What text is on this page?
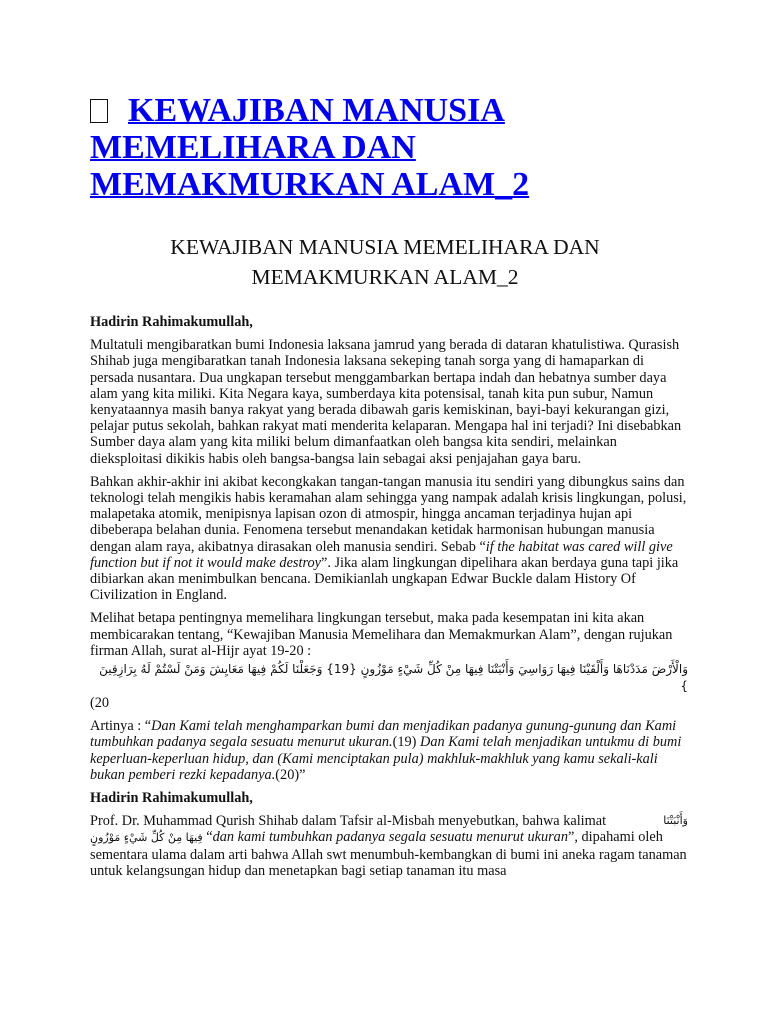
KEWAJIBAN MANUSIA MEMELIHARA DAN MEMAKMURKAN ALAM_2
KEWAJIBAN MANUSIA MEMELIHARA DAN MEMAKMURKAN ALAM_2

Hadirin Rahimakumullah,

Multatuli mengibaratkan bumi Indonesia laksana jamrud yang berada di dataran khatulistiwa. Qurasish Shihab juga mengibaratkan tanah Indonesia laksana sekeping tanah sorga yang di hamaparkan di persada nusantara. Dua ungkapan tersebut menggambarkan bertapa indah dan hebatnya sumber daya alam yang kita miliki. Kita Negara kaya, sumberdaya kita potensisal, tanah kita pun subur, Namun kenyataannya masih banya rakyat yang berada dibawah garis kemiskinan, bayi-bayi kekurangan gizi, pelajar putus sekolah, bahkan rakyat mati menderita kelaparan. Mengapa hal ini terjadi? Ini disebabkan Sumber daya alam yang kita miliki belum dimanfaatkan oleh bangsa kita sendiri, melainkan dieksploitasi dikikis habis oleh bangsa-bangsa lain sebagai aksi penjajahan gaya baru.

Bahkan akhir-akhir ini akibat kecongkakan tangan-tangan manusia itu sendiri yang dibungkus sains dan teknologi telah mengikis habis keramahan alam sehingga yang nampak adalah krisis lingkungan, polusi, malapetaka atomik, menipisnya lapisan ozon di atmospir, hingga ancaman terjadinya hujan api dibeberapa belahan dunia. Fenomena tersebut menandakan ketidak harmonisan hubungan manusia dengan alam raya, akibatnya dirasakan oleh manusia sendiri. Sebab “if the habitat was cared will give function but if not it would make destroy”. Jika alam lingkungan dipelihara akan berdaya guna tapi jika dibiarkan akan menimbulkan bencana. Demikianlah ungkapan Edwar Buckle dalam History Of Civilization in England.

Melihat betapa pentingnya memelihara lingkungan tersebut, maka pada kesempatan ini kita akan membicarakan tentang, “Kewajiban Manusia Memelihara dan Memakmurkan Alam”, dengan rujukan firman Allah, surat al-Hijr ayat 19-20 :

وَالْأَرْضَ مَدَدْنَاهَا وَأَلْقَيْنَا فِيهَا رَوَاسِيَ وَأَنْبَتْنَا فِيهَا مِنْ كُلِّ شَيْءٍ مَوْزُونٍ {19} وَجَعَلْنَا لَكُمْ فِيهَا مَعَايِشَ وَمَنْ لَسْتُمْ لَهُ بِرَازِقِينَ }
(20

Artinya : “Dan Kami telah menghamparkan bumi dan menjadikan padanya gunung-gunung dan Kami tumbuhkan padanya segala sesuatu menurut ukuran.(19) Dan Kami telah menjadikan untukmu di bumi keperluan-keperluan hidup, dan (Kami menciptakan pula) makhluk-makhluk yang kamu sekali-kali bukan pemberi rezki kepadanya.(20)”

Hadirin Rahimakumullah,

وَأَنْبَتْنَا
Prof. Dr. Muhammad Qurish Shihab dalam Tafsir al-Misbah menyebutkan, bahwa kalimat
فِيهَا مِنْ كُلِّ شَيْءٍ مَوْزُونٍ “dan kami tumbuhkan padanya segala sesuatu menurut ukuran”, dipahami oleh sementara ulama dalam arti bahwa Allah swt menumbuh-kembangkan di bumi ini aneka ragam tanaman untuk kelangsungan hidup dan menetapkan bagi setiap tanaman itu masa
